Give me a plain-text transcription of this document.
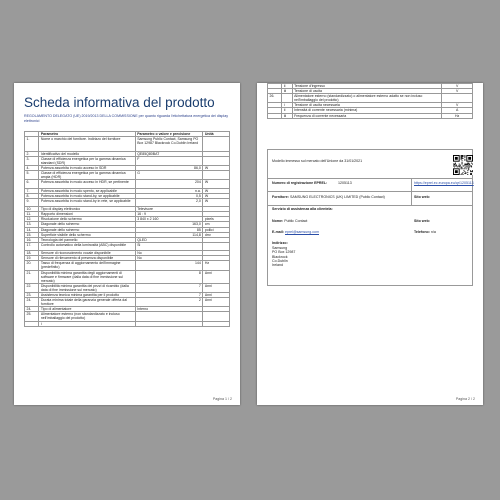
Scheda informativa del prodotto
REGOLAMENTO DELEGATO (UE) 2019/2013 DELLA COMMISSIONE per quanto riguarda l'etichettatura energetica dei display elettronici
	Parametro	Parametro o valore e precisione	Unità
1.	Nome o marchio del fornitore. Indirizzo del fornitore	Samsung Public Contact, Samsung PO Box 12987 Blackrock Co.Dublin Ireland	
2.	Identificativo del modello	QE85Q80BAT	
3.	Classe di efficienza energetica per la gamma dinamica standard (SDR)	F	
4.	Potenza assorbita in modo acceso in SDR	86,0	W
5.	Classe di efficienza energetica per la gamma dinamica ampia (HDR)	G	
6.	Potenza assorbita in modo acceso in HDR, se pertinente	204	W
7.	Potenza assorbita in modo spento, se applicabile	n.a.	W
8.	Potenza assorbita in modo stand-by, se applicabile	0,5	W
9.	Potenza assorbita in modo stand-by in rete, se applicabile	2,0	W
10.	Tipo di display elettronico	Televisore	
11.	Rapporto dimensioni	16 : 9	
12.	Risoluzione dello schermo	3 840 x 2 160	pixels
13.	Diagonale dello schermo	163,0	cm
14.	Diagonale dello schermo	85	pollici
15.	Superficie visibile dello schermo	114,8	dm²
16.	Tecnologia del pannello	QLED	
17.	Controllo automatico della luminosità (ABC) disponibile	Si	
18.	Sensore di riconoscimento vocale disponibile	No	
19.	Sensore di rilevamento di presenza disponibile	No	
20.	Tasso di frequenza di aggiornamento dell'immagine (predefinito)	144	Hz
21.	Disponibilità minima garantita degli aggiornamenti di software e firmware (dalla data di fine immissione sul mercato)	8	Anni
22.	Disponibilità minima garantita dei pezzi di ricambio (dalla data di fine immissione sul mercato)	7	Anni
23.	Assistenza tecnica minima garantita per il prodotto	7	Anni
24.	Durata minima totale della garanzia generale offerta dal fornitore	2	Anni
24.	Tipo di alimentatore	Interno	
25.	Alimentatore esterno (non standardizzato e incluso nell'imballaggio del prodotto)		
	i		
Pagina 1 / 2
	ii	Tensione d'ingresso	V
	iii	Tensione di uscita	V
26.		Alimentatore esterno (standardizzato) o alimentatore esterno adatto se non incluso nell'imballaggio del prodotto)	
	i	Tensione di uscita necessaria	V
	ii	Intensità di corrente necessaria (minima)	A
	iii	Frequenza di corrente necessaria	Hz
Modello immesso sul mercato dell'Unione da 31/01/2021
Numero di registrazione EPREL:	1205113	https://eprel.ec.europa.eu/qr/1205113
Fornitore: SAMSUNG ELECTRONICS (UK) LIMITED (Public Contact)	Sito web:
Servizio di assistenza alla clientela:
Nome: Public Contact	Sito web:
E-mail: eprel@samsung.com	Telefono: n/a
Indirizzo:
Samsung
PO Box 12987
Blackrock
Co.Dublin
Ireland
Pagina 2 / 2
